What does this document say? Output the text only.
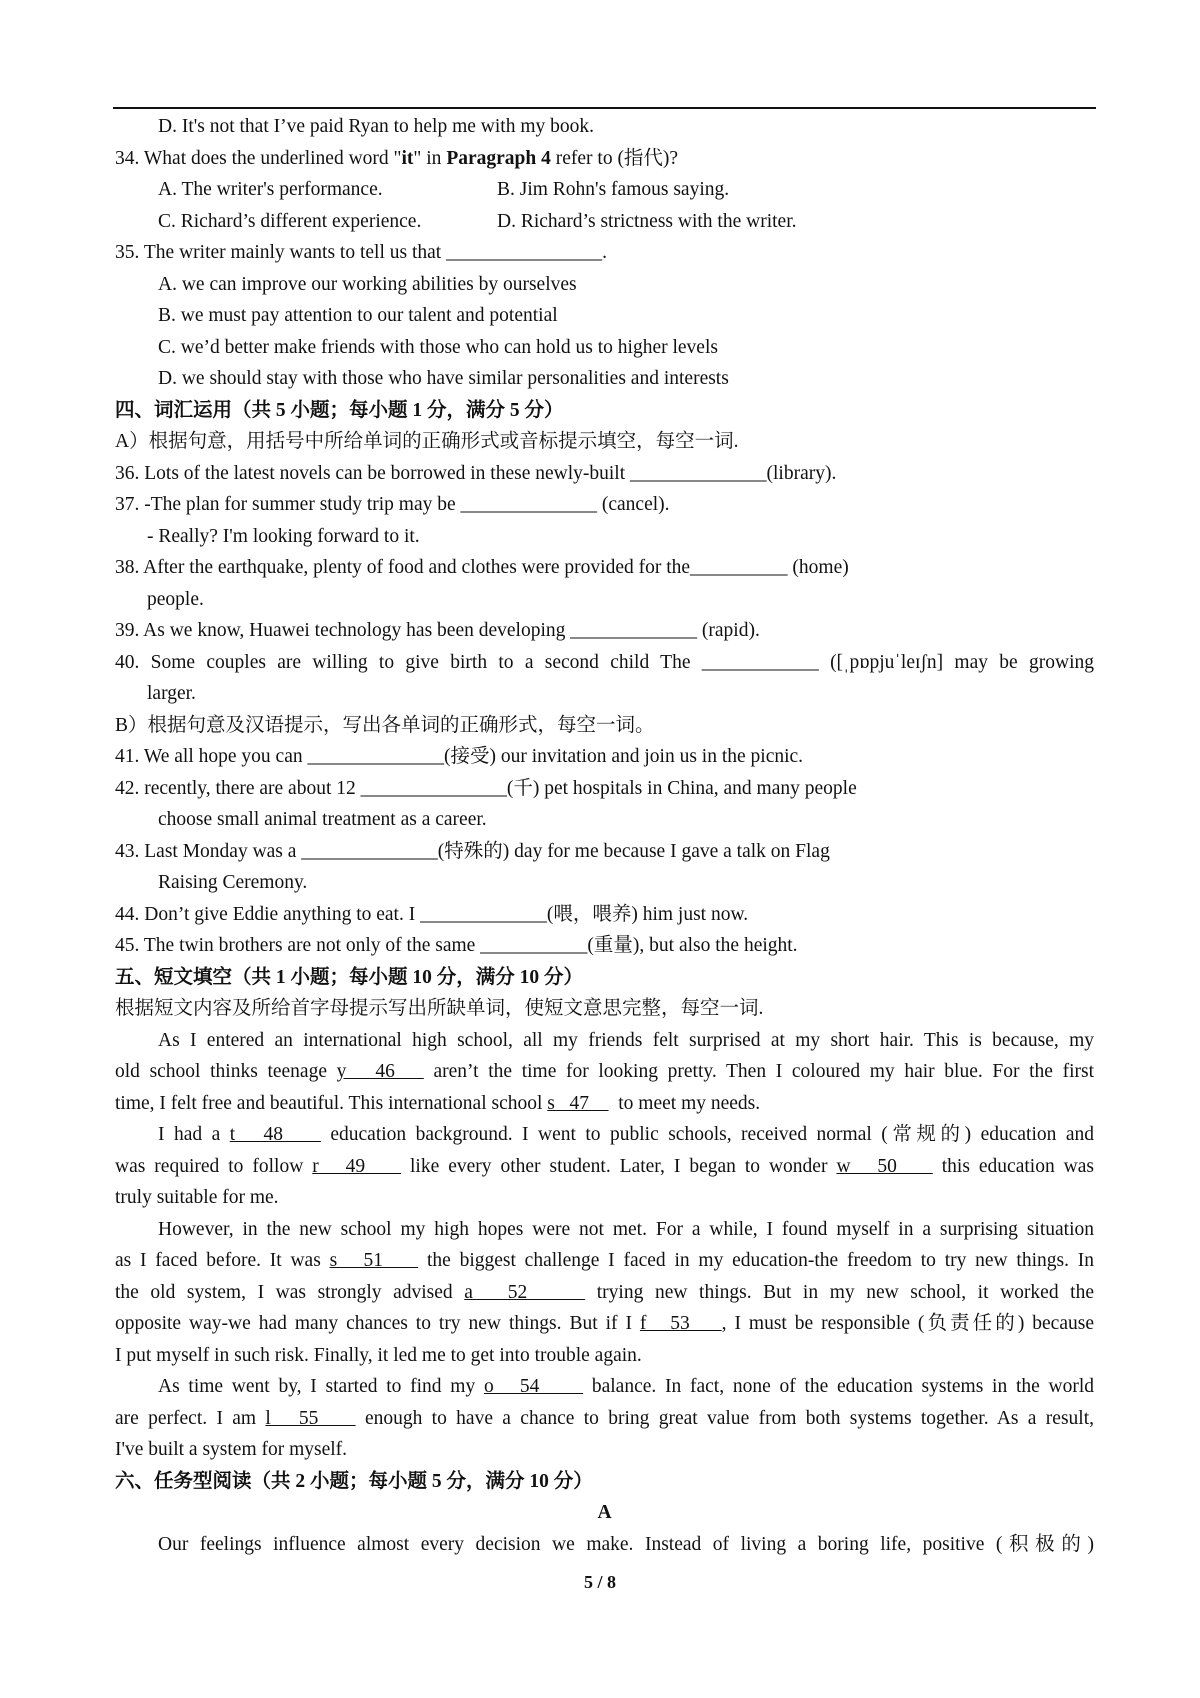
D. It's not that I’ve paid Ryan to help me with my book.
34. What does the underlined word "it" in Paragraph 4 refer to (指代)?
A. The writer's performance.	B. Jim Rohn's famous saying.
C. Richard’s different experience.	D. Richard’s strictness with the writer.
35. The writer mainly wants to tell us that ________________.
A. we can improve our working abilities by ourselves
B. we must pay attention to our talent and potential
C. we’d better make friends with those who can hold us to higher levels
D. we should stay with those who have similar personalities and interests
四、词汇运用（共 5 小题；每小题 1 分，满分 5 分）
A）根据句意，用括号中所给单词的正确形式或音标提示填空，每空一词.
36. Lots of the latest novels can be borrowed in these newly-built ______________(library).
37. -The plan for summer study trip may be ______________ (cancel).
- Really? I'm looking forward to it.
38. After the earthquake, plenty of food and clothes were provided for the__________ (home)
people.
39. As we know, Huawei technology has been developing _____________ (rapid).
40. Some couples are willing to give birth to a second child The ____________ ([ˌpɒpjuˈleɪʃn] may be growing
larger.
B）根据句意及汉语提示，写出各单词的正确形式，每空一词。
41. We all hope you can ______________(接受) our invitation and join us in the picnic.
42. recently, there are about 12 _______________(千) pet hospitals in China, and many people
choose small animal treatment as a career.
43. Last Monday was a ______________(特殊的) day for me because I gave a talk on Flag
Raising Ceremony.
44. Don’t give Eddie anything to eat. I _____________(喂，喂养) him just now.
45. The twin brothers are not only of the same ___________(重量), but also the height.
五、短文填空（共 1 小题；每小题 10 分，满分 10 分）
根据短文内容及所给首字母提示写出所缺单词，使短文意思完整，每空一词.
As I entered an international high school, all my friends felt surprised at my short hair. This is because, my
old school thinks teenage y   46    aren’t the time for looking pretty. Then I coloured my hair blue. For the first
time, I felt free and beautiful. This international school s   47      to meet my needs.
I had a t   48     education background. I went to public schools, received normal (常规的) education and
was required to follow r   49     like every other student. Later, I began to wonder w   50     this education was
truly suitable for me.
However, in the new school my high hopes were not met. For a while, I found myself in a surprising situation
as I faced before. It was s   51     the biggest challenge I faced in my education-the freedom to try new things. In
the old system, I was strongly advised a   52      trying new things. But in my new school, it worked the
opposite way-we had many chances to try new things. But if I f   53    , I must be responsible (负责任的) because
I put myself in such risk. Finally, it led me to get into trouble again.
As time went by, I started to find my o   54      balance. In fact, none of the education systems in the world
are perfect. I am l   55     enough to have a chance to bring great value from both systems together. As a result,
I've built a system for myself.
六、任务型阅读（共 2 小题；每小题 5 分，满分 10 分）
A
Our feelings influence almost every decision we make. Instead of living a boring life, positive (积极的)
5 / 8
